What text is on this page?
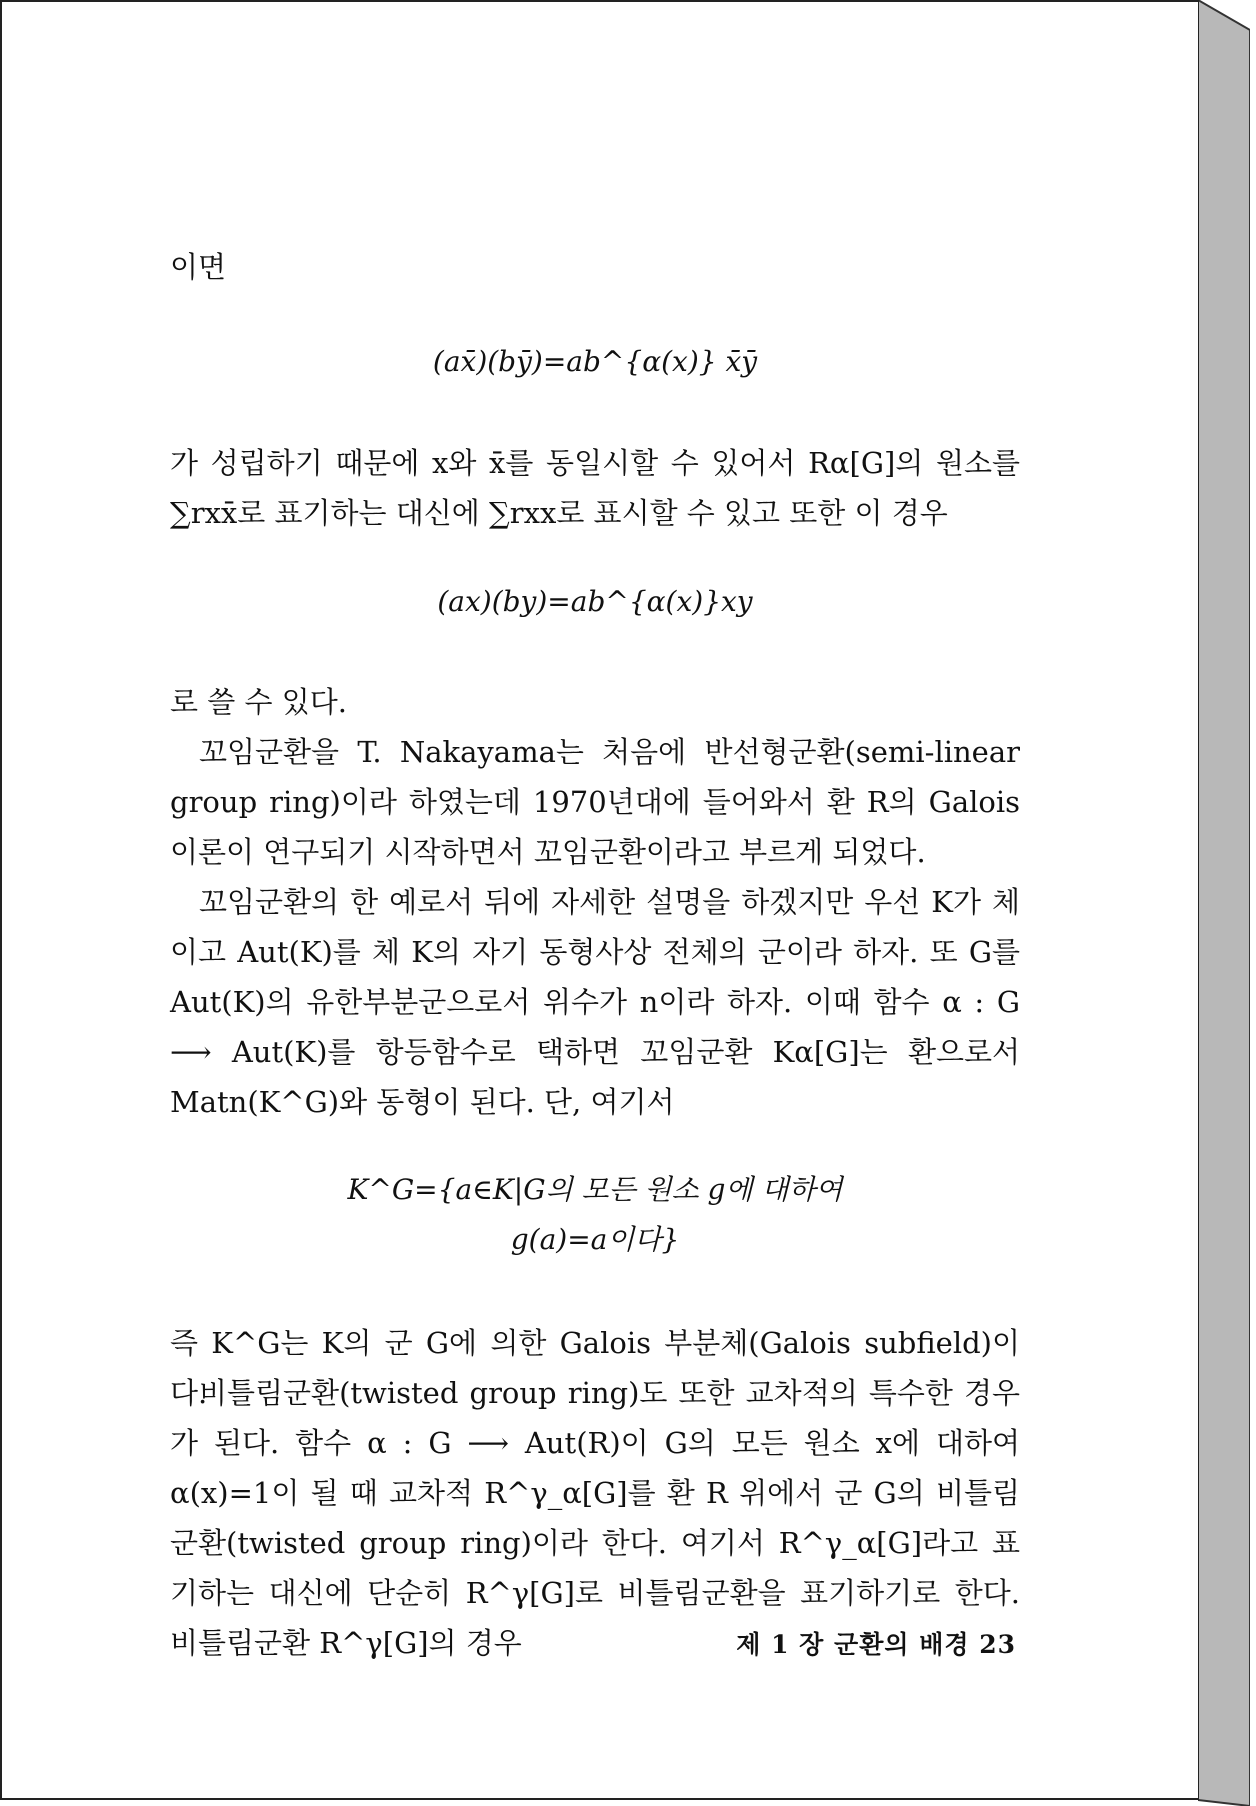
이면
(ax̄)(bȳ)=ab^{α(x)} x̄ȳ

가 성립하기 때문에 x와 x̄를 동일시할 수 있어서 Rα[G]의 원소를 ∑rxx̄로 표기하는 대신에 ∑rxx로 표시할 수 있고 또한 이 경우

(ax)(by)=ab^{α(x)}xy

로 쓸 수 있다.

꼬임군환을 T. Nakayama는 처음에 반선형군환(semi-linear group ring)이라 하였는데 1970년대에 들어와서 환 R의 Galois이론이 연구되기 시작하면서 꼬임군환이라고 부르게 되었다.

꼬임군환의 한 예로서 뒤에 자세한 설명을 하겠지만 우선 K가 체이고 Aut(K)를 체 K의 자기 동형사상 전체의 군이라 하자. 또 G를 Aut(K)의 유한부분군으로서 위수가 n이라 하자. 이때 함수 α : G ⟶ Aut(K)를 항등함수로 택하면 꼬임군환 Kα[G]는 환으로서 Matn(K^G)와 동형이 된다. 단, 여기서

K^G={a∈K|G의 모든 원소 g에 대하여
g(a)=a이다}

즉 K^G는 K의 군 G에 의한 Galois 부분체(Galois subfield)이다.

비틀림군환(twisted group ring)도 또한 교차적의 특수한 경우가 된다. 함수 α : G ⟶ Aut(R)이 G의 모든 원소 x에 대하여 α(x)=1이 될 때 교차적 R^γ_α[G]를 환 R 위에서 군 G의 비틀림군환(twisted group ring)이라 한다. 여기서 R^γ_α[G]라고 표기하는 대신에 단순히 R^γ[G]로 비틀림군환을 표기하기로 한다. 비틀림군환 R^γ[G]의 경우	제 1 장 군환의 배경 23
